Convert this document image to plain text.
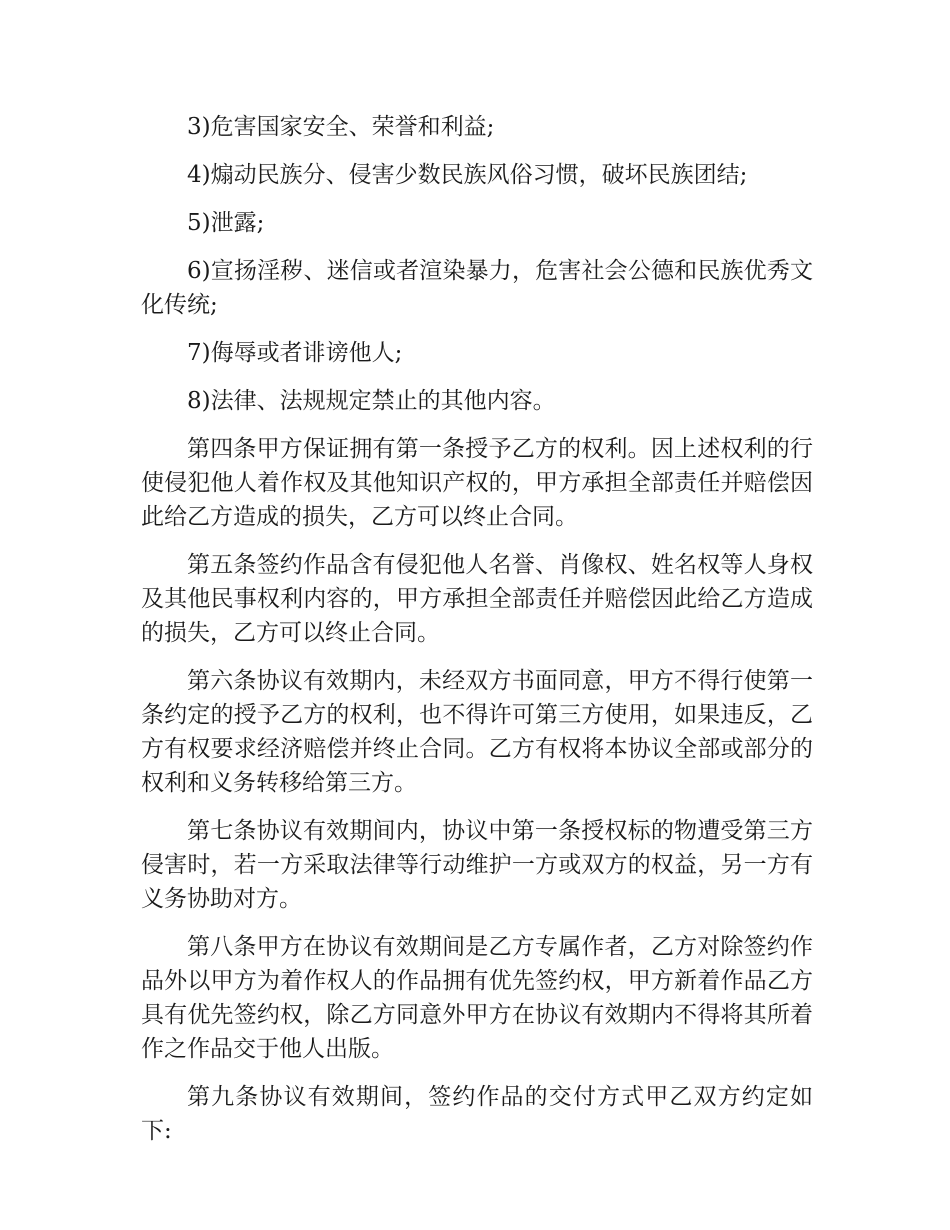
3)危害国家安全、荣誉和利益;

4)煽动民族分、侵害少数民族风俗习惯，破坏民族团结;

5)泄露;

6)宣扬淫秽、迷信或者渲染暴力，危害社会公德和民族优秀文化传统;

7)侮辱或者诽谤他人;

8)法律、法规规定禁止的其他内容。

第四条甲方保证拥有第一条授予乙方的权利。因上述权利的行使侵犯他人着作权及其他知识产权的，甲方承担全部责任并赔偿因此给乙方造成的损失，乙方可以终止合同。

第五条签约作品含有侵犯他人名誉、肖像权、姓名权等人身权及其他民事权利内容的，甲方承担全部责任并赔偿因此给乙方造成的损失，乙方可以终止合同。

第六条协议有效期内，未经双方书面同意，甲方不得行使第一条约定的授予乙方的权利，也不得许可第三方使用，如果违反，乙方有权要求经济赔偿并终止合同。乙方有权将本协议全部或部分的权利和义务转移给第三方。

第七条协议有效期间内，协议中第一条授权标的物遭受第三方侵害时，若一方采取法律等行动维护一方或双方的权益，另一方有义务协助对方。

第八条甲方在协议有效期间是乙方专属作者，乙方对除签约作品外以甲方为着作权人的作品拥有优先签约权，甲方新着作品乙方具有优先签约权，除乙方同意外甲方在协议有效期内不得将其所着作之作品交于他人出版。

第九条协议有效期间，签约作品的交付方式甲乙双方约定如下:
